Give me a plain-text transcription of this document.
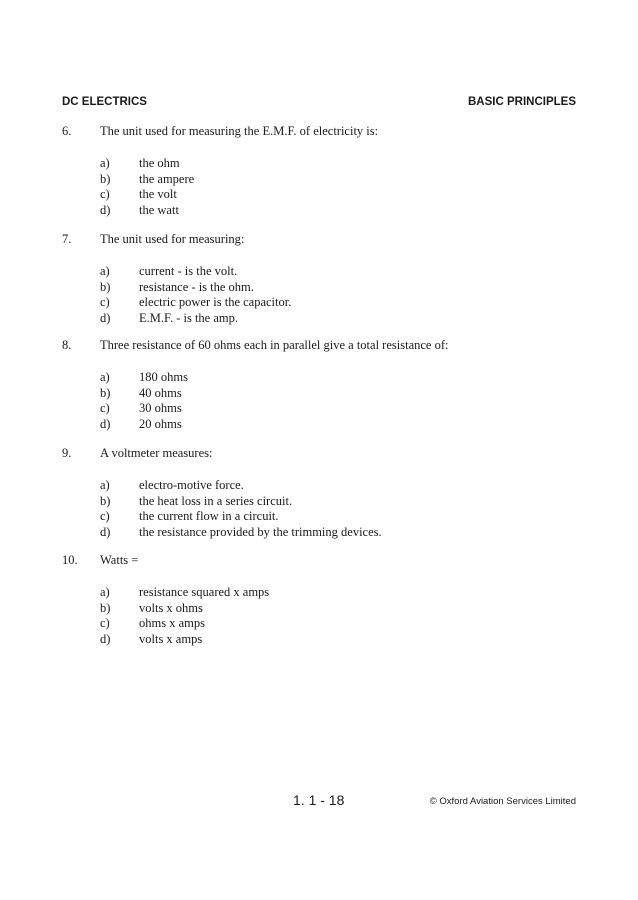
DC ELECTRICS	BASIC PRINCIPLES
6. The unit used for measuring the E.M.F. of electricity is:
a) the ohm
b) the ampere
c) the volt
d) the watt
7. The unit used for measuring:
a) current - is the volt.
b) resistance - is the ohm.
c) electric power is the capacitor.
d) E.M.F. - is the amp.
8. Three resistance of 60 ohms each in parallel give a total resistance of:
a) 180 ohms
b) 40 ohms
c) 30 ohms
d) 20 ohms
9. A voltmeter measures:
a) electro-motive force.
b) the heat loss in a series circuit.
c) the current flow in a circuit.
d) the resistance provided by the trimming devices.
10. Watts =
a) resistance squared x amps
b) volts x ohms
c) ohms x amps
d) volts x amps
1. 1 - 18	© Oxford Aviation Services Limited
